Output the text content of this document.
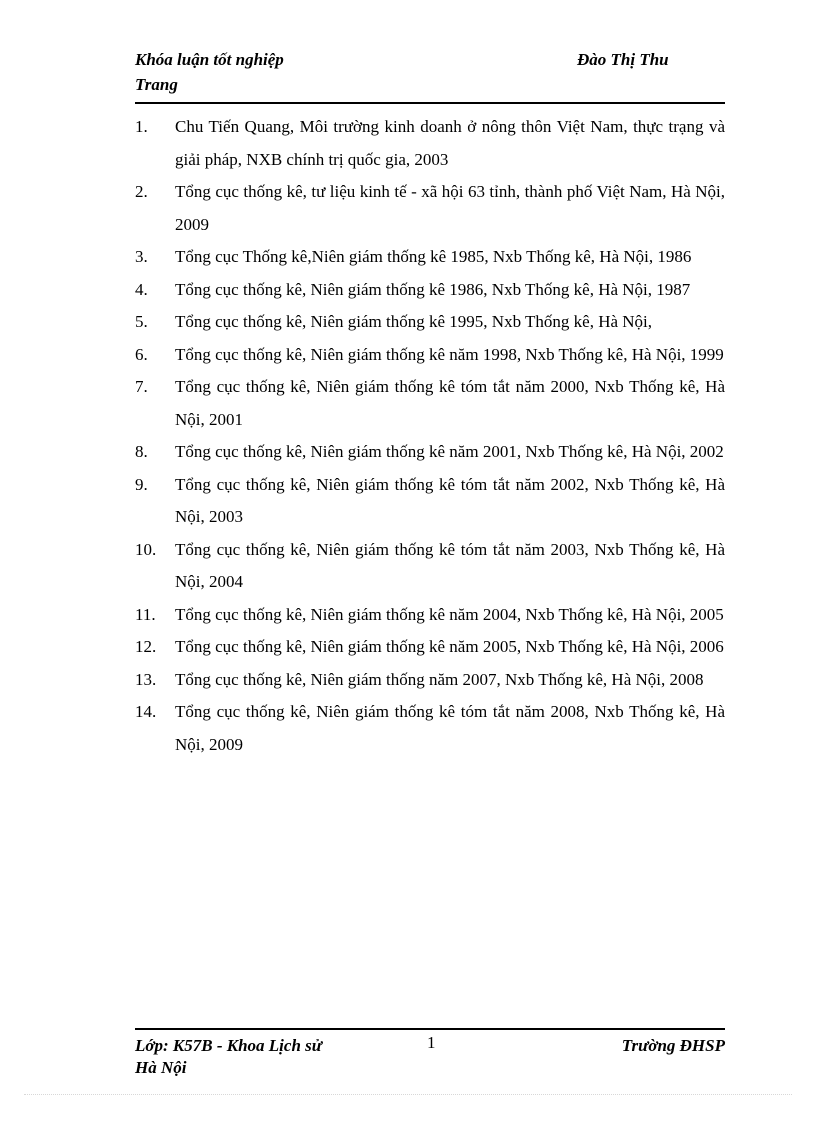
Khóa luận tốt nghiệp	Đào Thị Thu
Trang
1.	Chu Tiến Quang, Môi trường kinh doanh ở nông thôn Việt Nam, thực trạng và giải pháp, NXB chính trị quốc gia, 2003
2.	Tổng cục thống kê, tư liệu kinh tế - xã hội 63 tỉnh, thành phố Việt Nam, Hà Nội, 2009
3.	Tổng cục Thống kê,Niên giám thống kê 1985, Nxb Thống kê, Hà Nội, 1986
4.	Tổng cục thống kê, Niên giám thống kê 1986, Nxb Thống kê, Hà Nội, 1987
5.	Tổng cục thống kê, Niên giám thống kê 1995, Nxb Thống kê, Hà Nội,
6.	Tổng cục thống kê, Niên giám thống kê năm 1998, Nxb Thống kê, Hà Nội, 1999
7.	Tổng cục thống kê, Niên giám thống kê tóm tắt năm 2000, Nxb Thống kê, Hà Nội, 2001
8.	Tổng cục thống kê, Niên giám thống kê năm 2001, Nxb Thống kê, Hà Nội, 2002
9.	Tổng cục thống kê, Niên giám thống kê tóm tắt năm 2002, Nxb Thống kê, Hà Nội, 2003
10.	Tổng cục thống kê, Niên giám thống kê tóm tắt năm 2003, Nxb Thống kê, Hà Nội, 2004
11.	Tổng cục thống kê, Niên giám thống kê năm 2004, Nxb Thống kê, Hà Nội, 2005
12.	Tổng cục thống kê, Niên giám thống kê năm 2005, Nxb Thống kê, Hà Nội, 2006
13.	Tổng cục thống kê, Niên giám thống năm 2007, Nxb Thống kê, Hà Nội, 2008
14.	Tổng cục thống kê, Niên giám thống kê tóm tắt năm 2008, Nxb Thống kê, Hà Nội, 2009
Lớp: K57B - Khoa Lịch sử
Hà Nội
1	Trường ĐHSP
